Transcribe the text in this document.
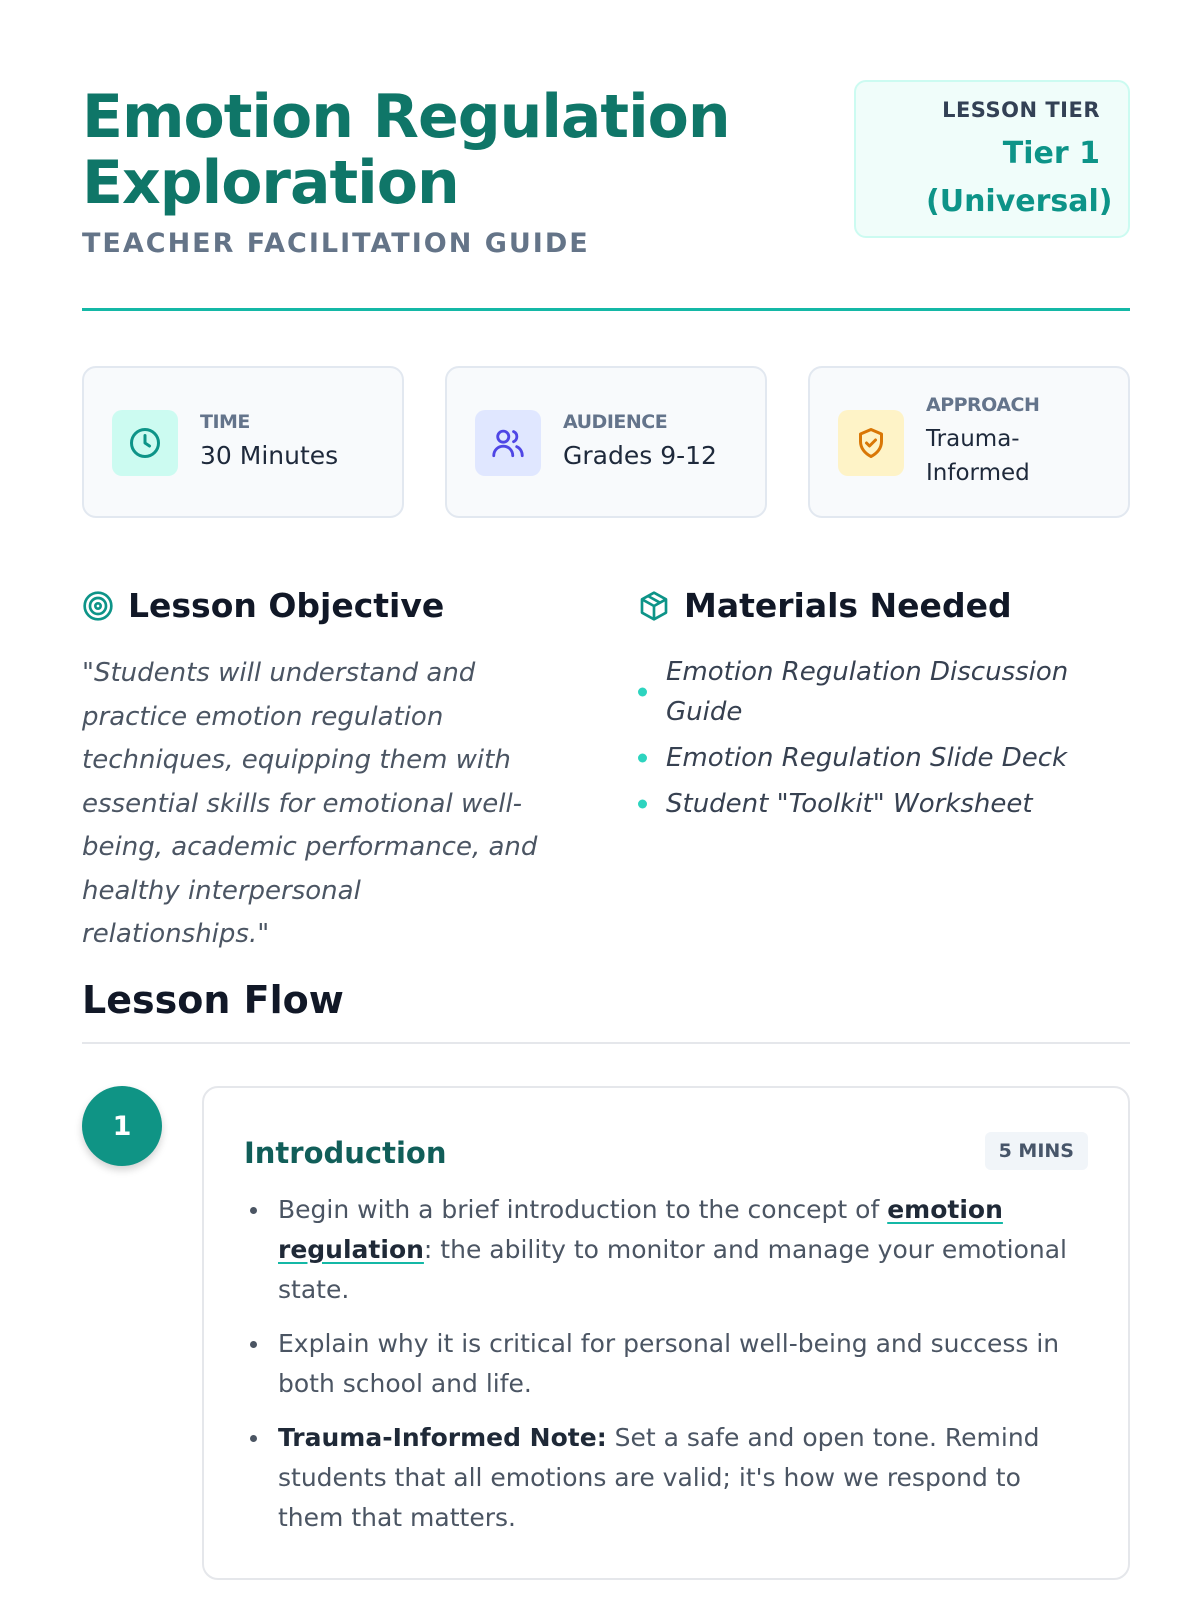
Emotion Regulation Exploration
TEACHER FACILITATION GUIDE
LESSON TIER
Tier 1 (Universal)
TIME
30 Minutes
AUDIENCE
Grades 9-12
APPROACH
Trauma-Informed
Lesson Objective

"Students will understand and practice emotion regulation techniques, equipping them with essential skills for emotional well-being, academic performance, and healthy interpersonal relationships."

Materials Needed
Emotion Regulation Discussion Guide
Emotion Regulation Slide Deck
Student "Toolkit" Worksheet
Lesson Flow
1
Introduction	5 MINS
Begin with a brief introduction to the concept of emotion regulation: the ability to monitor and manage your emotional state.
Explain why it is critical for personal well-being and success in both school and life.
Trauma-Informed Note: Set a safe and open tone. Remind students that all emotions are valid; it's how we respond to them that matters.
